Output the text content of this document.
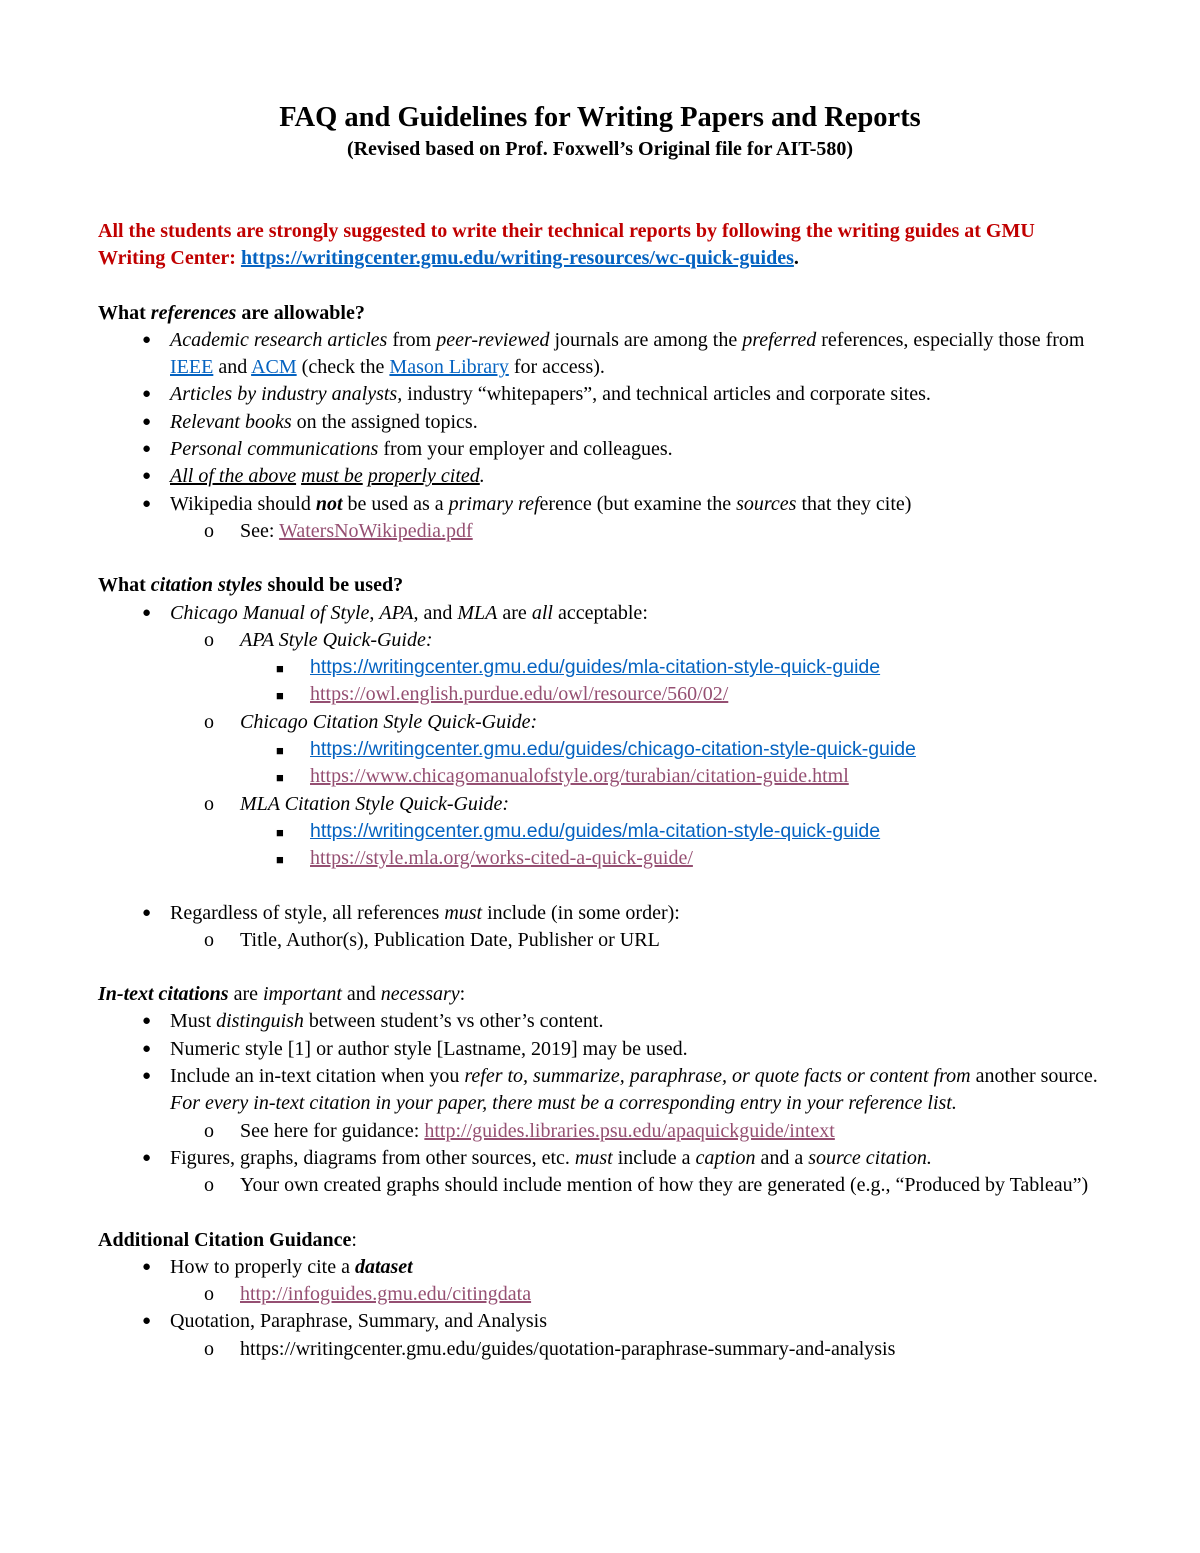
FAQ and Guidelines for Writing Papers and Reports

(Revised based on Prof. Foxwell’s Original file for AIT-580)

All the students are strongly suggested to write their technical reports by following the writing guides at GMU Writing Center: https://writingcenter.gmu.edu/writing-resources/wc-quick-guides.
What references are allowable?
● Academic research articles from peer-reviewed journals are among the preferred references, especially those from IEEE and ACM (check the Mason Library for access).
● Articles by industry analysts, industry “whitepapers”, and technical articles and corporate sites.
● Relevant books on the assigned topics.
● Personal communications from your employer and colleagues.
● All of the above must be properly cited.
● Wikipedia should not be used as a primary reference (but examine the sources that they cite)
o See: WatersNoWikipedia.pdf
What citation styles should be used?
● Chicago Manual of Style, APA, and MLA are all acceptable:
o APA Style Quick-Guide:
■ https://writingcenter.gmu.edu/guides/mla-citation-style-quick-guide
■ https://owl.english.purdue.edu/owl/resource/560/02/
o Chicago Citation Style Quick-Guide:
■ https://writingcenter.gmu.edu/guides/chicago-citation-style-quick-guide
■ https://www.chicagomanualofstyle.org/turabian/citation-guide.html
o MLA Citation Style Quick-Guide:
■ https://writingcenter.gmu.edu/guides/mla-citation-style-quick-guide
■ https://style.mla.org/works-cited-a-quick-guide/
● Regardless of style, all references must include (in some order):
o Title, Author(s), Publication Date, Publisher or URL
In-text citations are important and necessary:
● Must distinguish between student’s vs other’s content.
● Numeric style [1] or author style [Lastname, 2019] may be used.
● Include an in-text citation when you refer to, summarize, paraphrase, or quote facts or content from another source. For every in-text citation in your paper, there must be a corresponding entry in your reference list.
o See here for guidance: http://guides.libraries.psu.edu/apaquickguide/intext
● Figures, graphs, diagrams from other sources, etc. must include a caption and a source citation.
o Your own created graphs should include mention of how they are generated (e.g., “Produced by Tableau”)
Additional Citation Guidance:
● How to properly cite a dataset
o http://infoguides.gmu.edu/citingdata
● Quotation, Paraphrase, Summary, and Analysis
o https://writingcenter.gmu.edu/guides/quotation-paraphrase-summary-and-analysis
